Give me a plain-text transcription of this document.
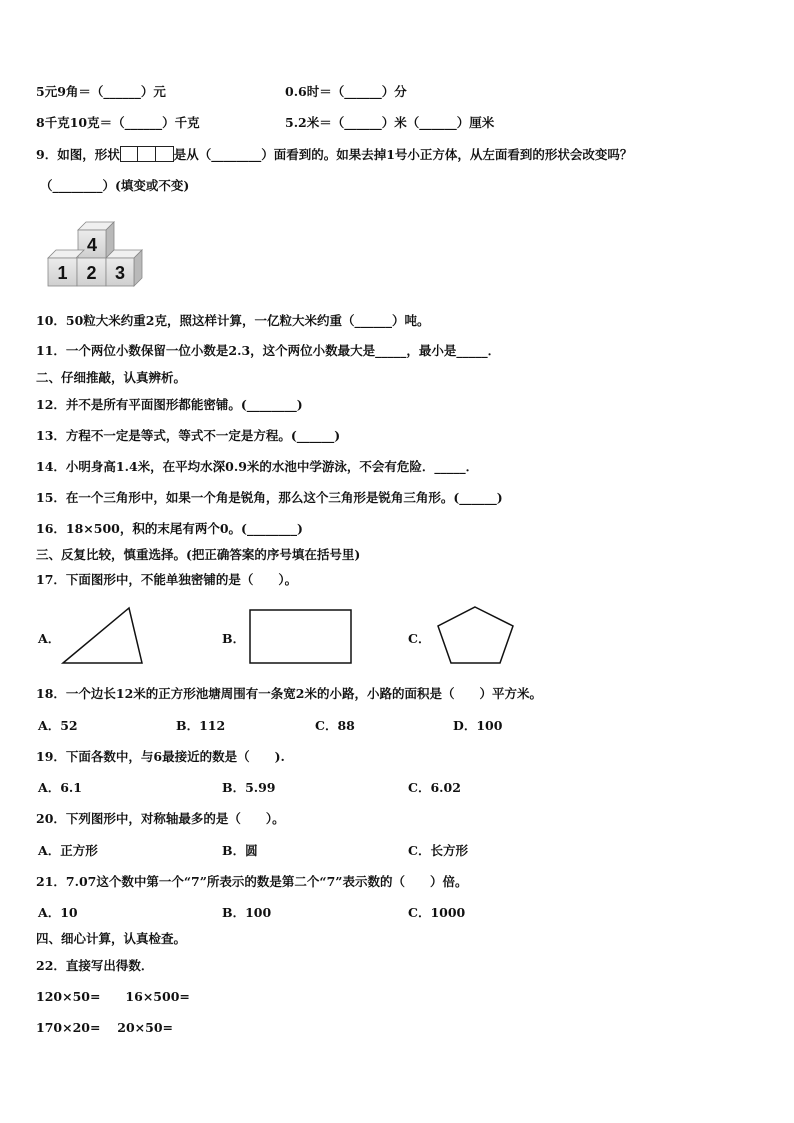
5元9角＝（______）元	0.6时＝（______）分
8千克10克＝（______）千克	5.2米＝（______）米（______）厘米
9．如图，形状	是从（________）面看到的。如果去掉1号小正方体，从左面看到的形状会改变吗？
（________）(填变或不变)
4
1 2 3
10．50粒大米约重2克，照这样计算，一亿粒大米约重（______）吨。
11．一个两位小数保留一位小数是2.3，这个两位小数最大是_____，最小是_____．
二、仔细推敲，认真辨析。
12．并不是所有平面图形都能密铺。(________)
13．方程不一定是等式，等式不一定是方程。(______)
14．小明身高1.4米，在平均水深0.9米的水池中学游泳，不会有危险．_____．
15．在一个三角形中，如果一个角是锐角，那么这个三角形是锐角三角形。(______)
16．18×500，积的末尾有两个0。(________)
三、反复比较，慎重选择。(把正确答案的序号填在括号里)
17．下面图形中，不能单独密铺的是（　　）。
A．	B．	C．
18．一个边长12米的正方形池塘周围有一条宽2米的小路，小路的面积是（　　）平方米。
A．52	B．112	C．88	D．100
19．下面各数中，与6最接近的数是（　　).
A．6.1	B．5.99	C．6.02
20．下列图形中，对称轴最多的是（　　）。
A．正方形	B．圆	C．长方形
21．7.07这个数中第一个“7”所表示的数是第二个“7”表示数的（　　）倍。
A．10	B．100	C．1000
四、细心计算，认真检查。
22．直接写出得数．
120×50=　　16×500=
170×20=　 20×50=
